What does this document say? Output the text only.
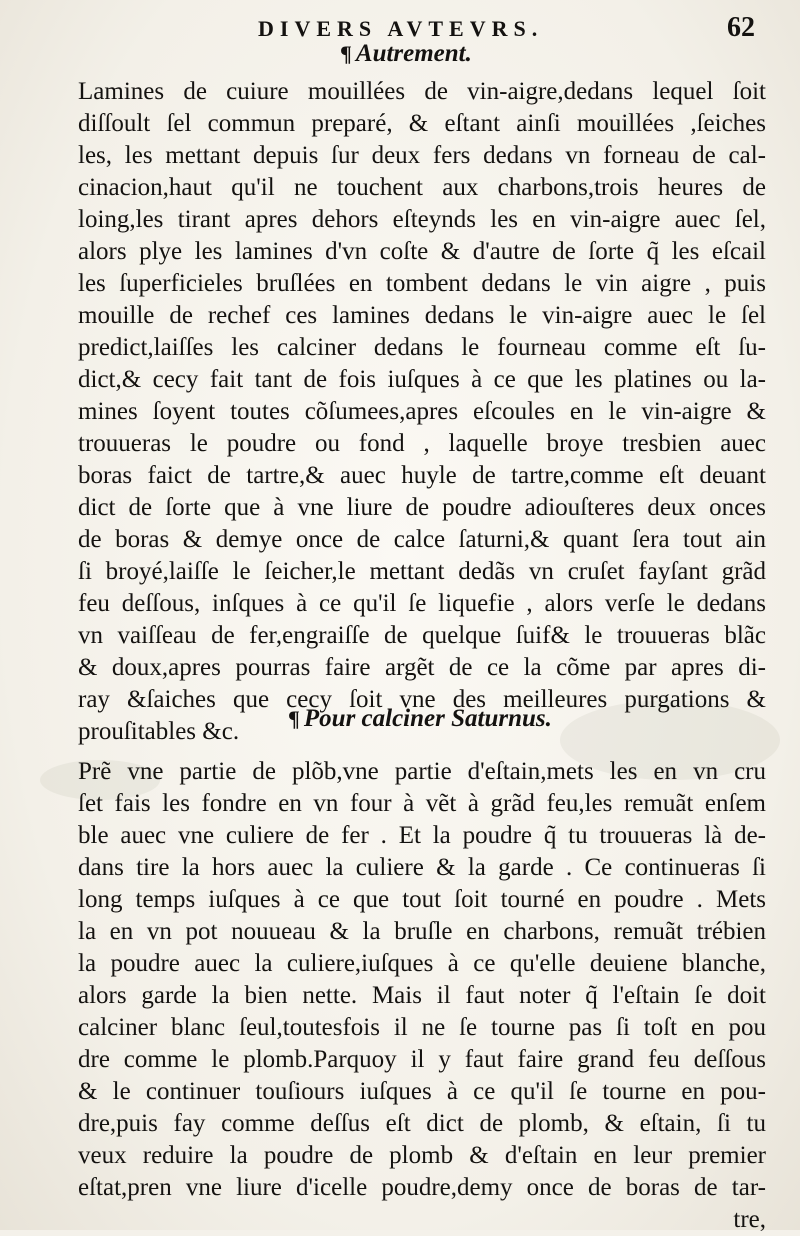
DIVERS AVTEVRS.	62
¶ Autrement.
Lamines de cuiure mouillées de vin-aigre,dedans lequel ſoit
diſſoult ſel commun preparé, & eſtant ainſi mouillées ,ſeiches
les, les mettant depuis ſur deux fers dedans vn forneau de cal-
cinacion,haut qu'il ne touchent aux charbons,trois heures de
loing,les tirant apres dehors eſteynds les en vin-aigre auec ſel,
alors plye les lamines d'vn coſte & d'autre de ſorte q̃ les eſcail
les ſuperficieles bruſlées en tombent dedans le vin aigre , puis
mouille de rechef ces lamines dedans le vin-aigre auec le ſel
predict,laiſſes les calciner dedans le fourneau comme eſt ſu-
dict,& cecy fait tant de fois iuſques à ce que les platines ou la-
mines ſoyent toutes cõſumees,apres eſcoules en le vin-aigre &
trouueras le poudre ou fond , laquelle broye tresbien auec
boras faict de tartre,& auec huyle de tartre,comme eſt deuant
dict de ſorte que à vne liure de poudre adiouſteres deux onces
de boras & demye once de calce ſaturni,& quant ſera tout ain
ſi broyé,laiſſe le ſeicher,le mettant dedãs vn cruſet fayſant grãd
feu deſſous, inſques à ce qu'il ſe liquefie , alors verſe le dedans
vn vaiſſeau de fer,engraiſſe de quelque ſuif& le trouueras blãc
& doux,apres pourras faire argẽt de ce la cõme par apres di-
ray &ſaiches que cecy ſoit vne des meilleures purgations &
prouſitables &c.	¶ Pour calciner Saturnus.
Prẽ vne partie de plõb,vne partie d'eſtain,mets les en vn cru
ſet fais les fondre en vn four à vẽt à grãd feu,les remuãt enſem
ble auec vne culiere de fer . Et la poudre q̃ tu trouueras là de-
dans tire la hors auec la culiere & la garde . Ce continueras ſi
long temps iuſques à ce que tout ſoit tourné en poudre . Mets
la en vn pot nouueau & la bruſle en charbons, remuãt trébien
la poudre auec la culiere,iuſques à ce qu'elle deuiene blanche,
alors garde la bien nette. Mais il faut noter q̃ l'eſtain ſe doit
calciner blanc ſeul,toutesfois il ne ſe tourne pas ſi toſt en pou
dre comme le plomb.Parquoy il y faut faire grand feu deſſous
& le continuer touſiours iuſques à ce qu'il ſe tourne en pou-
dre,puis fay comme deſſus eſt dict de plomb, & eſtain, ſi tu
veux reduire la poudre de plomb & d'eſtain en leur premier
eſtat,pren vne liure d'icelle poudre,demy once de boras de tar-
tre,
